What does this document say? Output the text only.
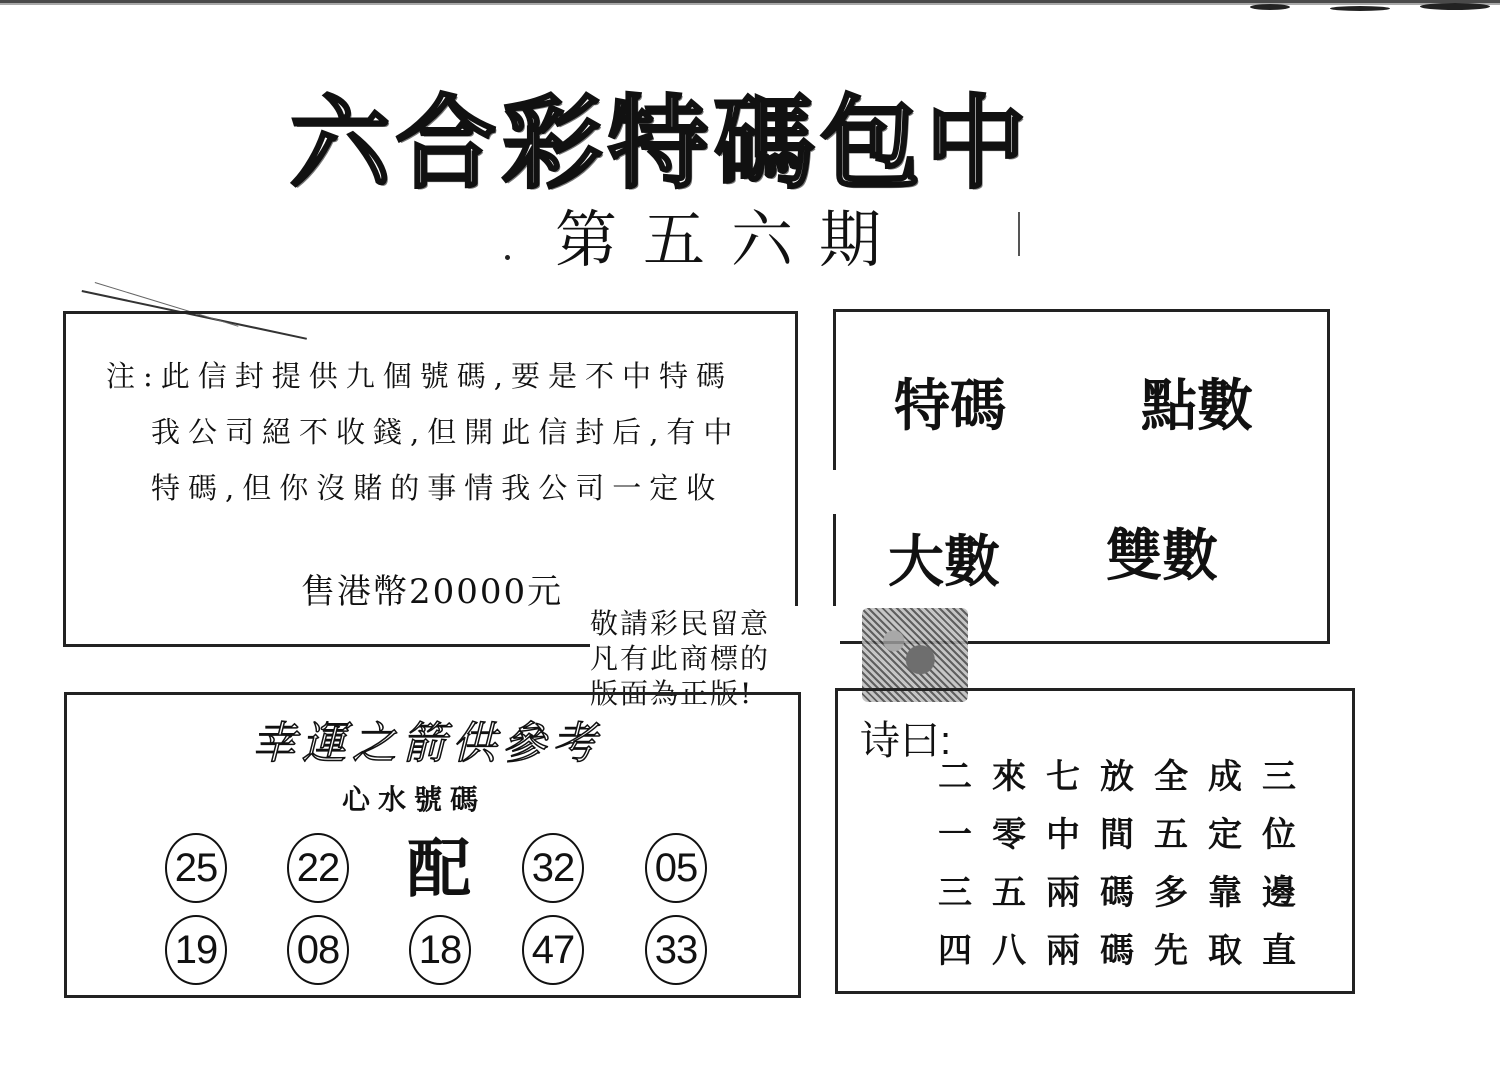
六合彩特碼包中
第五六期
注:此信封提供九個號碼,要是不中特碼
我公司絕不收錢,但開此信封后,有中
特碼,但你沒賭的事情我公司一定收
售港幣20000元
特碼 點數
大數 雙數
敬請彩民留意
凡有此商標的
版面為正版!
幸運之箭供參考
心水號碼
25 22 配 32 05
19 08 18 47 33
诗曰:
二來七放全成三
一零中間五定位
三五兩碼多靠邊
四八兩碼先取直
